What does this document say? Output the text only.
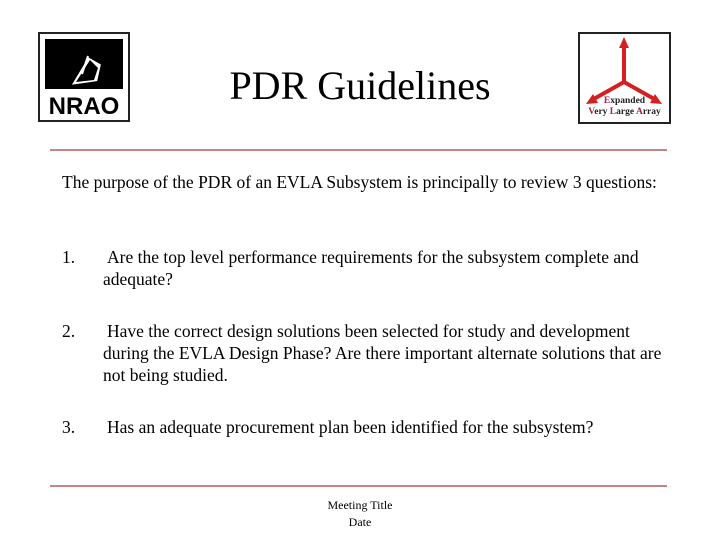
NRAO	PDR Guidelines	Expanded
Very Large Array
The purpose of the PDR of an EVLA Subsystem is principally to review 3 questions:
1.	Are the top level performance requirements for the subsystem complete and adequate?
2.	Have the correct design solutions been selected for study and development during the EVLA Design Phase? Are there important alternate solutions that are not being studied.
3.	Has an adequate procurement plan been identified for the subsystem?
Meeting Title
Date
